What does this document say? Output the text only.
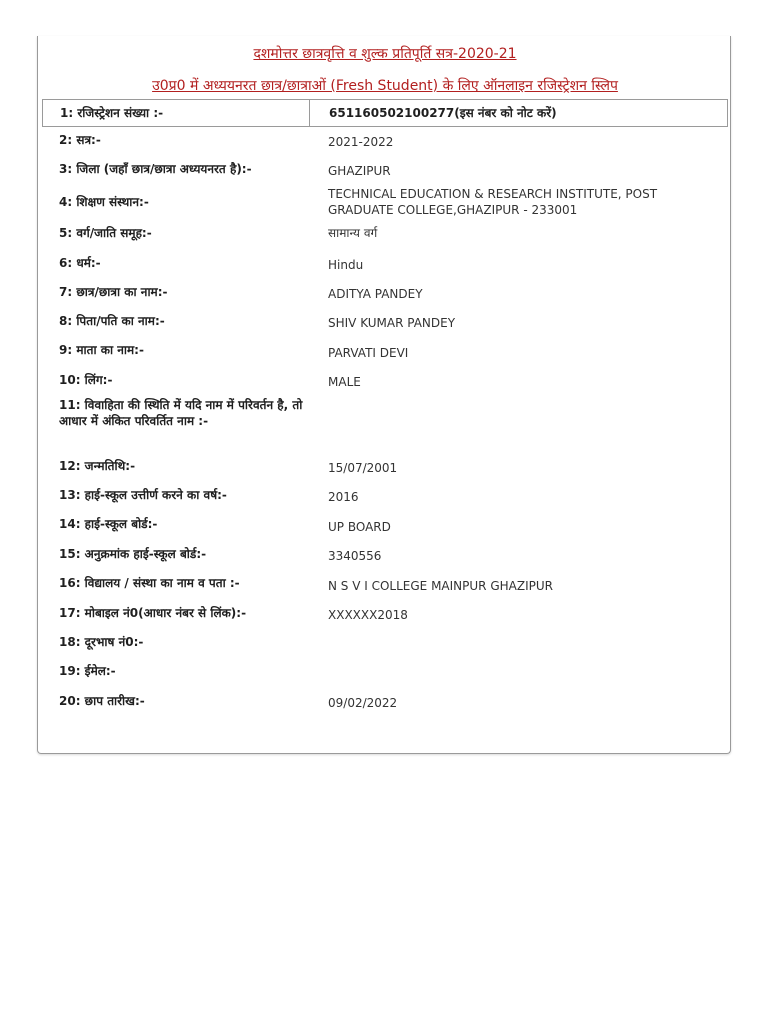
दशमोत्तर छात्रवृत्ति व शुल्क प्रतिपूर्ति सत्र-2020-21
उ0प्र0 में अध्ययनरत छात्र/छात्राओं (Fresh Student) के लिए ऑनलाइन रजिस्ट्रेशन स्लिप
1: रजिस्ट्रेशन संख्या :-	651160502100277(इस नंबर को नोट करें)
2: सत्र:-	2021-2022
3: जिला (जहाँ छात्र/छात्रा अध्ययनरत है):-	GHAZIPUR
4: शिक्षण संस्थान:-
TECHNICAL EDUCATION & RESEARCH INSTITUTE, POST GRADUATE COLLEGE,GHAZIPUR - 233001
5: वर्ग/जाति समूह:-	सामान्य वर्ग
6: धर्म:-	Hindu
7: छात्र/छात्रा का नाम:-	ADITYA PANDEY
8: पिता/पति का नाम:-	SHIV KUMAR PANDEY
9: माता का नाम:-	PARVATI DEVI
10: लिंग:-	MALE
11: विवाहिता की स्थिति में यदि नाम में परिवर्तन है, तो आधार में अंकित परिवर्तित नाम :-
12: जन्मतिथि:-	15/07/2001
13: हाई-स्कूल उत्तीर्ण करने का वर्ष:-	2016
14: हाई-स्कूल बोर्ड:-	UP BOARD
15: अनुक्रमांक हाई-स्कूल बोर्ड:-	3340556
16: विद्यालय / संस्था का नाम व पता :-	N S V I COLLEGE MAINPUR GHAZIPUR
17: मोबाइल नं0(आधार नंबर से लिंक):-	XXXXXX2018
18: दूरभाष नं0:-
19: ईमेल:-
20: छाप तारीख:-	09/02/2022
